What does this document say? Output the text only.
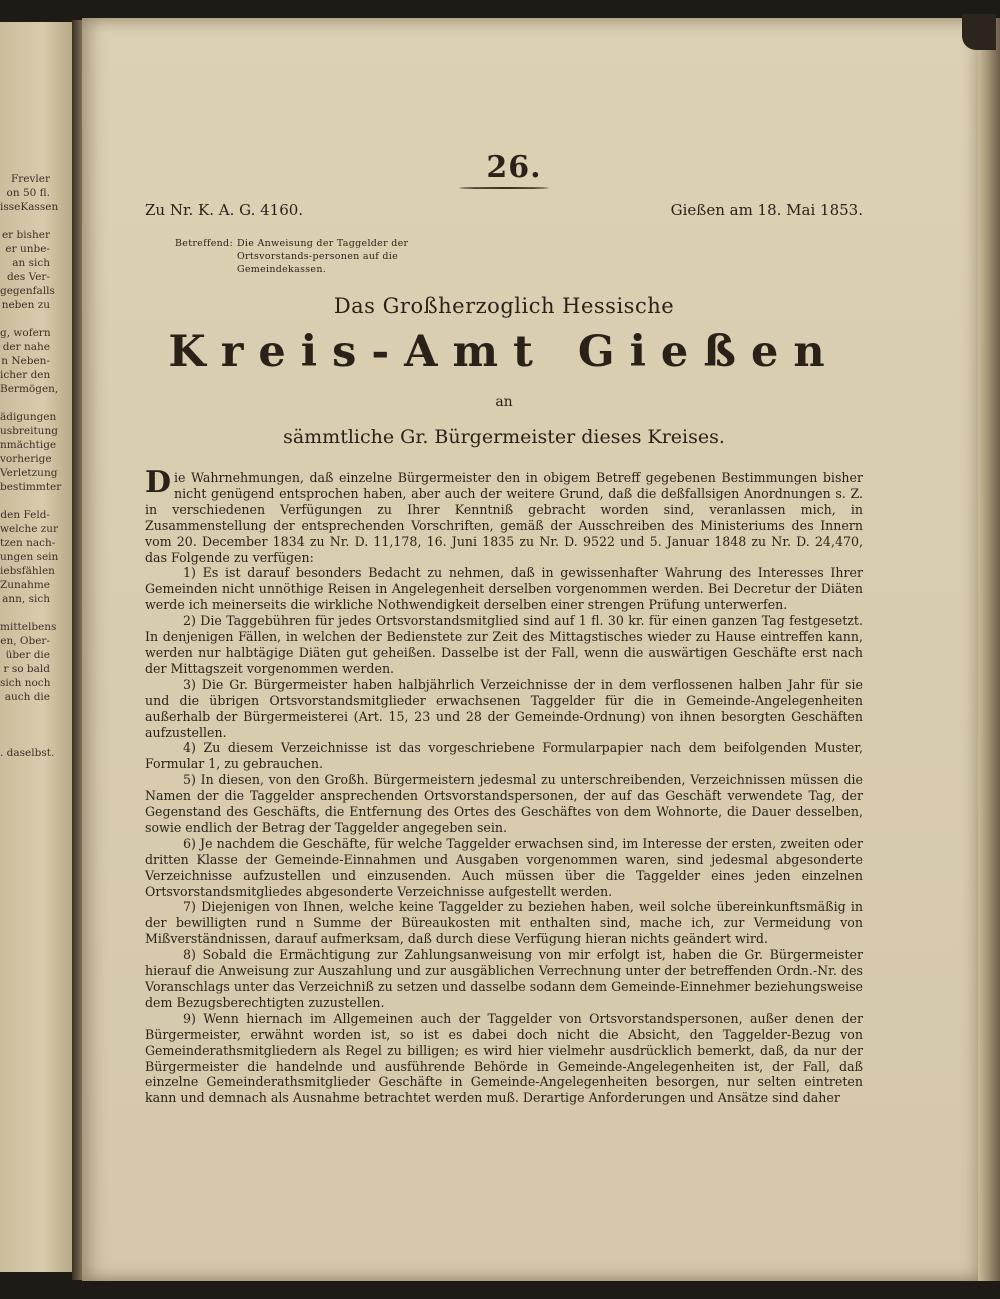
Frevler
on 50 fl.
isseKassen

er bisher
er unbe-
an sich
des Ver-
gegenfalls
neben zu

g, wofern
der nahe
n Neben-
icher den
Bermögen,

ädigungen
usbreitung
nmächtige
vorherige
Verletzung
bestimmter

den Feld-
welche zur
tzen nach-
ungen sein
iebsfählen
Zunahme
ann, sich

mittelbens
en, Ober-
über die
r so bald
sich noch
auch die

. daselbst.
26.
Zu Nr. K. A. G. 4160.	Gießen am 18. Mai 1853.
Betreffend: Die Anweisung der Taggelder der Ortsvorstands-personen auf die Gemeindekassen.
Das Großherzoglich Hessische
Kreis-Amt Gießen
an
sämmtliche Gr. Bürgermeister dieses Kreises.

Die Wahrnehmungen, daß einzelne Bürgermeister den in obigem Betreff gegebenen Bestimmungen bisher nicht genügend entsprochen haben, aber auch der weitere Grund, daß die deßfallsigen Anordnungen s. Z. in verschiedenen Verfügungen zu Ihrer Kenntniß gebracht worden sind, veranlassen mich, in Zusammenstellung der entsprechenden Vorschriften, gemäß der Ausschreiben des Ministeriums des Innern vom 20. December 1834 zu Nr. D. 11,178, 16. Juni 1835 zu Nr. D. 9522 und 5. Januar 1848 zu Nr. D. 24,470, das Folgende zu verfügen:

1) Es ist darauf besonders Bedacht zu nehmen, daß in gewissenhafter Wahrung des Interesses Ihrer Gemeinden nicht unnöthige Reisen in Angelegenheit derselben vorgenommen werden. Bei Decretur der Diäten werde ich meinerseits die wirkliche Nothwendigkeit derselben einer strengen Prüfung unterwerfen.

2) Die Taggebühren für jedes Ortsvorstandsmitglied sind auf 1 fl. 30 kr. für einen ganzen Tag festgesetzt. In denjenigen Fällen, in welchen der Bedienstete zur Zeit des Mittagstisches wieder zu Hause eintreffen kann, werden nur halbtägige Diäten gut geheißen. Dasselbe ist der Fall, wenn die auswärtigen Geschäfte erst nach der Mittagszeit vorgenommen werden.

3) Die Gr. Bürgermeister haben halbjährlich Verzeichnisse der in dem verflossenen halben Jahr für sie und die übrigen Ortsvorstandsmitglieder erwachsenen Taggelder für die in Gemeinde-Angelegenheiten außerhalb der Bürgermeisterei (Art. 15, 23 und 28 der Gemeinde-Ordnung) von ihnen besorgten Geschäften aufzustellen.

4) Zu diesem Verzeichnisse ist das vorgeschriebene Formularpapier nach dem beifolgenden Muster, Formular 1, zu gebrauchen.

5) In diesen, von den Großh. Bürgermeistern jedesmal zu unterschreibenden, Verzeichnissen müssen die Namen der die Taggelder ansprechenden Ortsvorstandspersonen, der auf das Geschäft verwendete Tag, der Gegenstand des Geschäfts, die Entfernung des Ortes des Geschäftes von dem Wohnorte, die Dauer desselben, sowie endlich der Betrag der Taggelder angegeben sein.

6) Je nachdem die Geschäfte, für welche Taggelder erwachsen sind, im Interesse der ersten, zweiten oder dritten Klasse der Gemeinde-Einnahmen und Ausgaben vorgenommen waren, sind jedesmal abgesonderte Verzeichnisse aufzustellen und einzusenden. Auch müssen über die Taggelder eines jeden einzelnen Ortsvorstandsmitgliedes abgesonderte Verzeichnisse aufgestellt werden.

7) Diejenigen von Ihnen, welche keine Taggelder zu beziehen haben, weil solche übereinkunftsmäßig in der bewilligten rund n Summe der Büreaukosten mit enthalten sind, mache ich, zur Vermeidung von Mißverständnissen, darauf aufmerksam, daß durch diese Verfügung hieran nichts geändert wird.

8) Sobald die Ermächtigung zur Zahlungsanweisung von mir erfolgt ist, haben die Gr. Bürgermeister hierauf die Anweisung zur Auszahlung und zur ausgäblichen Verrechnung unter der betreffenden Ordn.-Nr. des Voranschlags unter das Verzeichniß zu setzen und dasselbe sodann dem Gemeinde-Einnehmer beziehungsweise dem Bezugsberechtigten zuzustellen.

9) Wenn hiernach im Allgemeinen auch der Taggelder von Ortsvorstandspersonen, außer denen der Bürgermeister, erwähnt worden ist, so ist es dabei doch nicht die Absicht, den Taggelder-Bezug von Gemeinderathsmitgliedern als Regel zu billigen; es wird hier vielmehr ausdrücklich bemerkt, daß, da nur der Bürgermeister die handelnde und ausführende Behörde in Gemeinde-Angelegenheiten ist, der Fall, daß einzelne Gemeinderathsmitglieder Geschäfte in Gemeinde-Angelegenheiten besorgen, nur selten eintreten kann und demnach als Ausnahme betrachtet werden muß. Derartige Anforderungen und Ansätze sind daher
